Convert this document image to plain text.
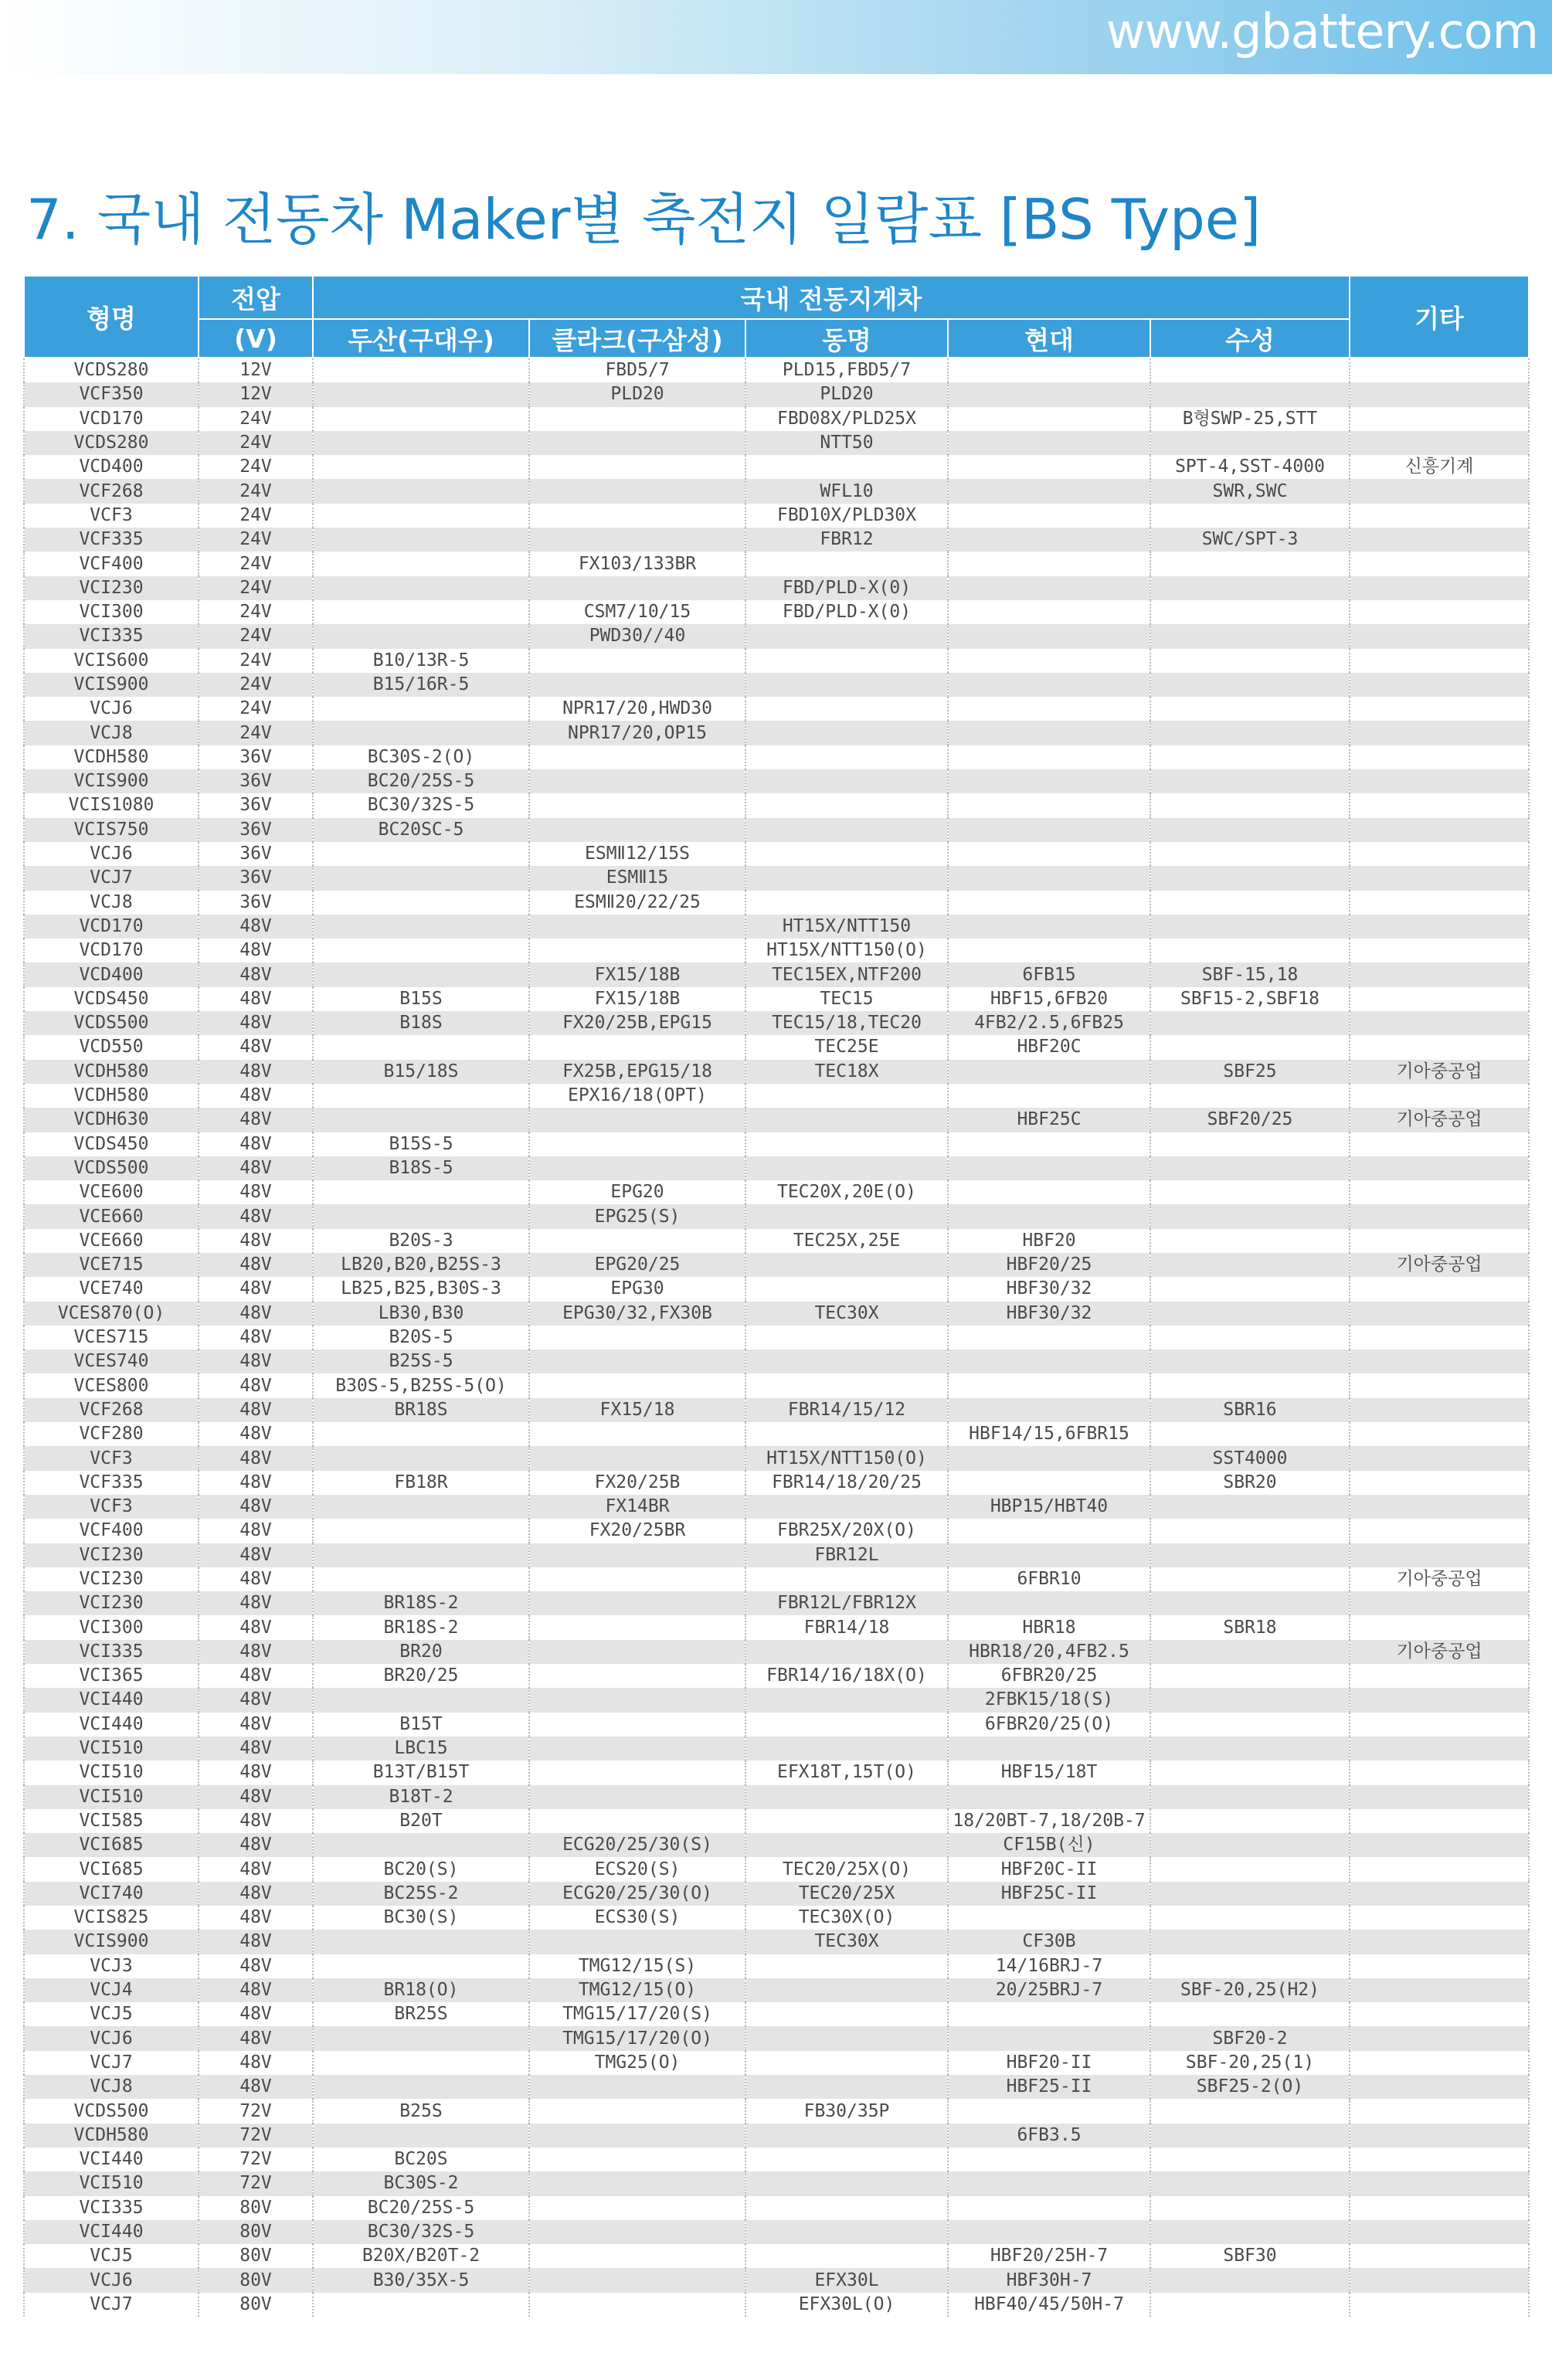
www.gbattery.com
7. 국내 전동차 Maker별 축전지 일람표 [BS Type]
형명	전압	국내 전동지게차					기타
	(V)	두산(구대우)	클라크(구삼성)	동명	현대	수성	
VCDS280	12V		FBD5/7	PLD15,FBD5/7			
VCF350	12V		PLD20	PLD20			
VCD170	24V			FBD08X/PLD25X		B형SWP-25,STT	
VCDS280	24V			NTT50			
VCD400	24V					SPT-4,SST-4000	신흥기계
VCF268	24V			WFL10		SWR,SWC	
VCF3	24V			FBD10X/PLD30X			
VCF335	24V			FBR12		SWC/SPT-3	
VCF400	24V		FX103/133BR				
VCI230	24V			FBD/PLD-X(0)			
VCI300	24V		CSM7/10/15	FBD/PLD-X(0)			
VCI335	24V		PWD30//40				
VCIS600	24V	B10/13R-5					
VCIS900	24V	B15/16R-5					
VCJ6	24V		NPR17/20,HWD30				
VCJ8	24V		NPR17/20,OP15				
VCDH580	36V	BC30S-2(O)					
VCIS900	36V	BC20/25S-5					
VCIS1080	36V	BC30/32S-5					
VCIS750	36V	BC20SC-5					
VCJ6	36V		ESMⅡ12/15S				
VCJ7	36V		ESMⅡ15				
VCJ8	36V		ESMⅡ20/22/25				
VCD170	48V			HT15X/NTT150			
VCD170	48V			HT15X/NTT150(O)			
VCD400	48V		FX15/18B	TEC15EX,NTF200	6FB15	SBF-15,18	
VCDS450	48V	B15S	FX15/18B	TEC15	HBF15,6FB20	SBF15-2,SBF18	
VCDS500	48V	B18S	FX20/25B,EPG15	TEC15/18,TEC20	4FB2/2.5,6FB25		
VCD550	48V			TEC25E	HBF20C		
VCDH580	48V	B15/18S	FX25B,EPG15/18	TEC18X		SBF25	기아중공업
VCDH580	48V		EPX16/18(OPT)				
VCDH630	48V				HBF25C	SBF20/25	기아중공업
VCDS450	48V	B15S-5					
VCDS500	48V	B18S-5					
VCE600	48V		EPG20	TEC20X,20E(O)			
VCE660	48V		EPG25(S)				
VCE660	48V	B20S-3		TEC25X,25E	HBF20		
VCE715	48V	LB20,B20,B25S-3	EPG20/25		HBF20/25		기아중공업
VCE740	48V	LB25,B25,B30S-3	EPG30		HBF30/32		
VCES870(O)	48V	LB30,B30	EPG30/32,FX30B	TEC30X	HBF30/32		
VCES715	48V	B20S-5					
VCES740	48V	B25S-5					
VCES800	48V	B30S-5,B25S-5(O)					
VCF268	48V	BR18S	FX15/18	FBR14/15/12		SBR16	
VCF280	48V				HBF14/15,6FBR15		
VCF3	48V			HT15X/NTT150(O)		SST4000	
VCF335	48V	FB18R	FX20/25B	FBR14/18/20/25		SBR20	
VCF3	48V		FX14BR		HBP15/HBT40		
VCF400	48V		FX20/25BR	FBR25X/20X(O)			
VCI230	48V			FBR12L			
VCI230	48V				6FBR10		기아중공업
VCI230	48V	BR18S-2		FBR12L/FBR12X			
VCI300	48V	BR18S-2		FBR14/18	HBR18	SBR18	
VCI335	48V	BR20			HBR18/20,4FB2.5		기아중공업
VCI365	48V	BR20/25		FBR14/16/18X(O)	6FBR20/25		
VCI440	48V				2FBK15/18(S)		
VCI440	48V	B15T			6FBR20/25(O)		
VCI510	48V	LBC15					
VCI510	48V	B13T/B15T		EFX18T,15T(O)	HBF15/18T		
VCI510	48V	B18T-2					
VCI585	48V	B20T			18/20BT-7,18/20B-7		
VCI685	48V		ECG20/25/30(S)		CF15B(신)		
VCI685	48V	BC20(S)	ECS20(S)	TEC20/25X(O)	HBF20C-II		
VCI740	48V	BC25S-2	ECG20/25/30(O)	TEC20/25X	HBF25C-II		
VCIS825	48V	BC30(S)	ECS30(S)	TEC30X(O)			
VCIS900	48V			TEC30X	CF30B		
VCJ3	48V		TMG12/15(S)		14/16BRJ-7		
VCJ4	48V	BR18(O)	TMG12/15(O)		20/25BRJ-7	SBF-20,25(H2)	
VCJ5	48V	BR25S	TMG15/17/20(S)				
VCJ6	48V		TMG15/17/20(O)			SBF20-2	
VCJ7	48V		TMG25(O)		HBF20-II	SBF-20,25(1)	
VCJ8	48V				HBF25-II	SBF25-2(O)	
VCDS500	72V	B25S		FB30/35P			
VCDH580	72V				6FB3.5		
VCI440	72V	BC20S					
VCI510	72V	BC30S-2					
VCI335	80V	BC20/25S-5					
VCI440	80V	BC30/32S-5					
VCJ5	80V	B20X/B20T-2			HBF20/25H-7	SBF30	
VCJ6	80V	B30/35X-5		EFX30L	HBF30H-7		
VCJ7	80V			EFX30L(O)	HBF40/45/50H-7		
